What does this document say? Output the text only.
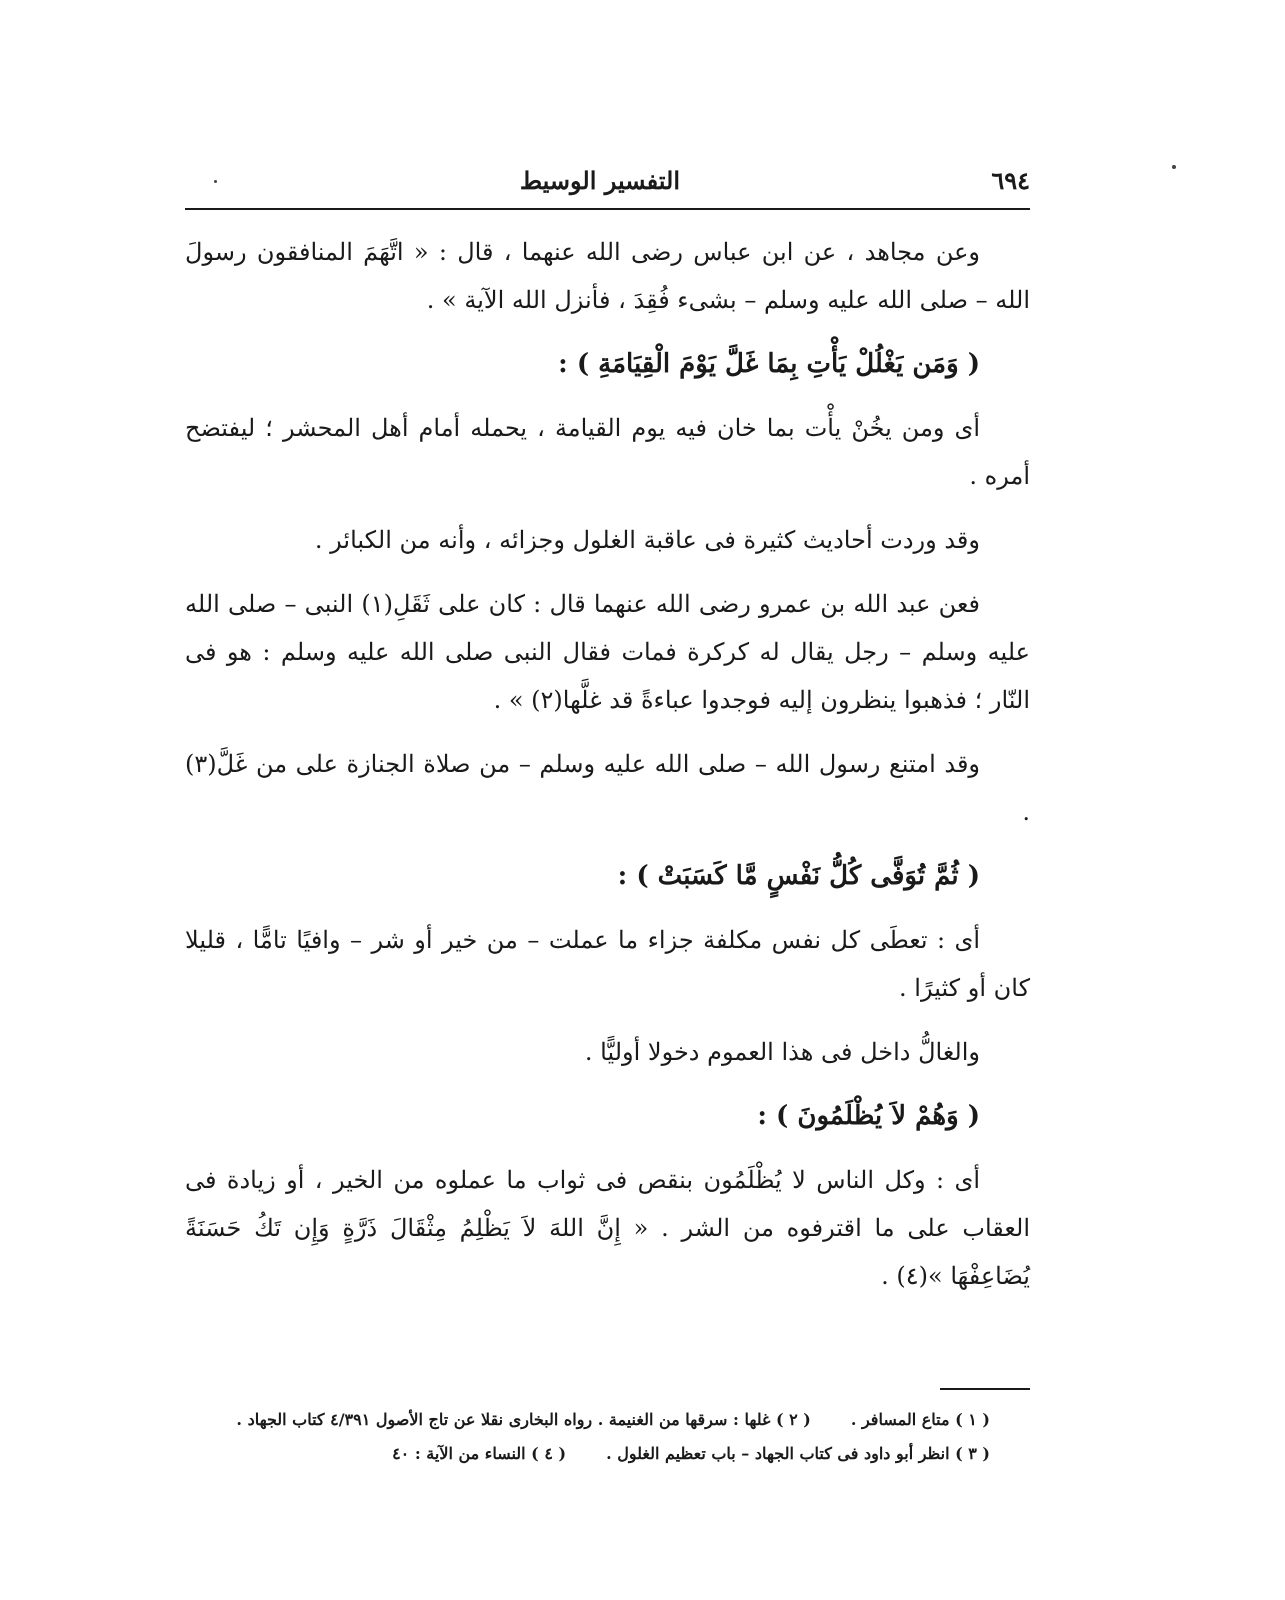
٦٩٤
التفسير الوسيط

وعن مجاهد ، عن ابن عباس رضى الله عنهما ، قال : « اتَّهَمَ المنافقون رسولَ الله – صلى الله عليه وسلم – بشىء فُقِدَ ، فأنزل الله الآية » .

( وَمَن يَغْلُلْ يَأْتِ بِمَا غَلَّ يَوْمَ الْقِيَامَةِ ) :

أى ومن يخُنْ يأْت بما خان فيه يوم القيامة ، يحمله أمام أهل المحشر ؛ ليفتضح أمره .

وقد وردت أحاديث كثيرة فى عاقبة الغلول وجزائه ، وأنه من الكبائر .

فعن عبد الله بن عمرو رضى الله عنهما قال : كان على ثَقَلِ(١) النبى – صلى الله عليه وسلم – رجل يقال له كركرة فمات فقال النبى صلى الله عليه وسلم : هو فى النّار ؛ فذهبوا ينظرون إليه فوجدوا عباءةً قد غلَّها(٢) » .

وقد امتنع رسول الله – صلى الله عليه وسلم – من صلاة الجنازة على من غَلَّ(٣) .

( ثُمَّ تُوَفَّى كُلُّ نَفْسٍ مَّا كَسَبَتْ ) :

أى : تعطَى كل نفس مكلفة جزاء ما عملت – من خير أو شر – وافيًا تامًّا ، قليلا كان أو كثيرًا .

والغالُّ داخل فى هذا العموم دخولا أوليًّا .

( وَهُمْ لاَ يُظْلَمُونَ ) :

أى : وكل الناس لا يُظْلَمُون بنقص فى ثواب ما عملوه من الخير ، أو زيادة فى العقاب على ما اقترفوه من الشر . « إِنَّ اللهَ لاَ يَظْلِمُ مِثْقَالَ ذَرَّةٍ وَإِن تَكُ حَسَنَةً يُضَاعِفْهَا »(٤) .

( ١ ) متاع المسافر .
( ٢ ) غلها : سرقها من الغنيمة . رواه البخارى نقلا عن تاج الأصول ٤/٣٩١ كتاب الجهاد .
( ٣ ) انظر أبو داود فى كتاب الجهاد – باب تعظيم الغلول .
( ٤ ) النساء من الآية : ٤٠
